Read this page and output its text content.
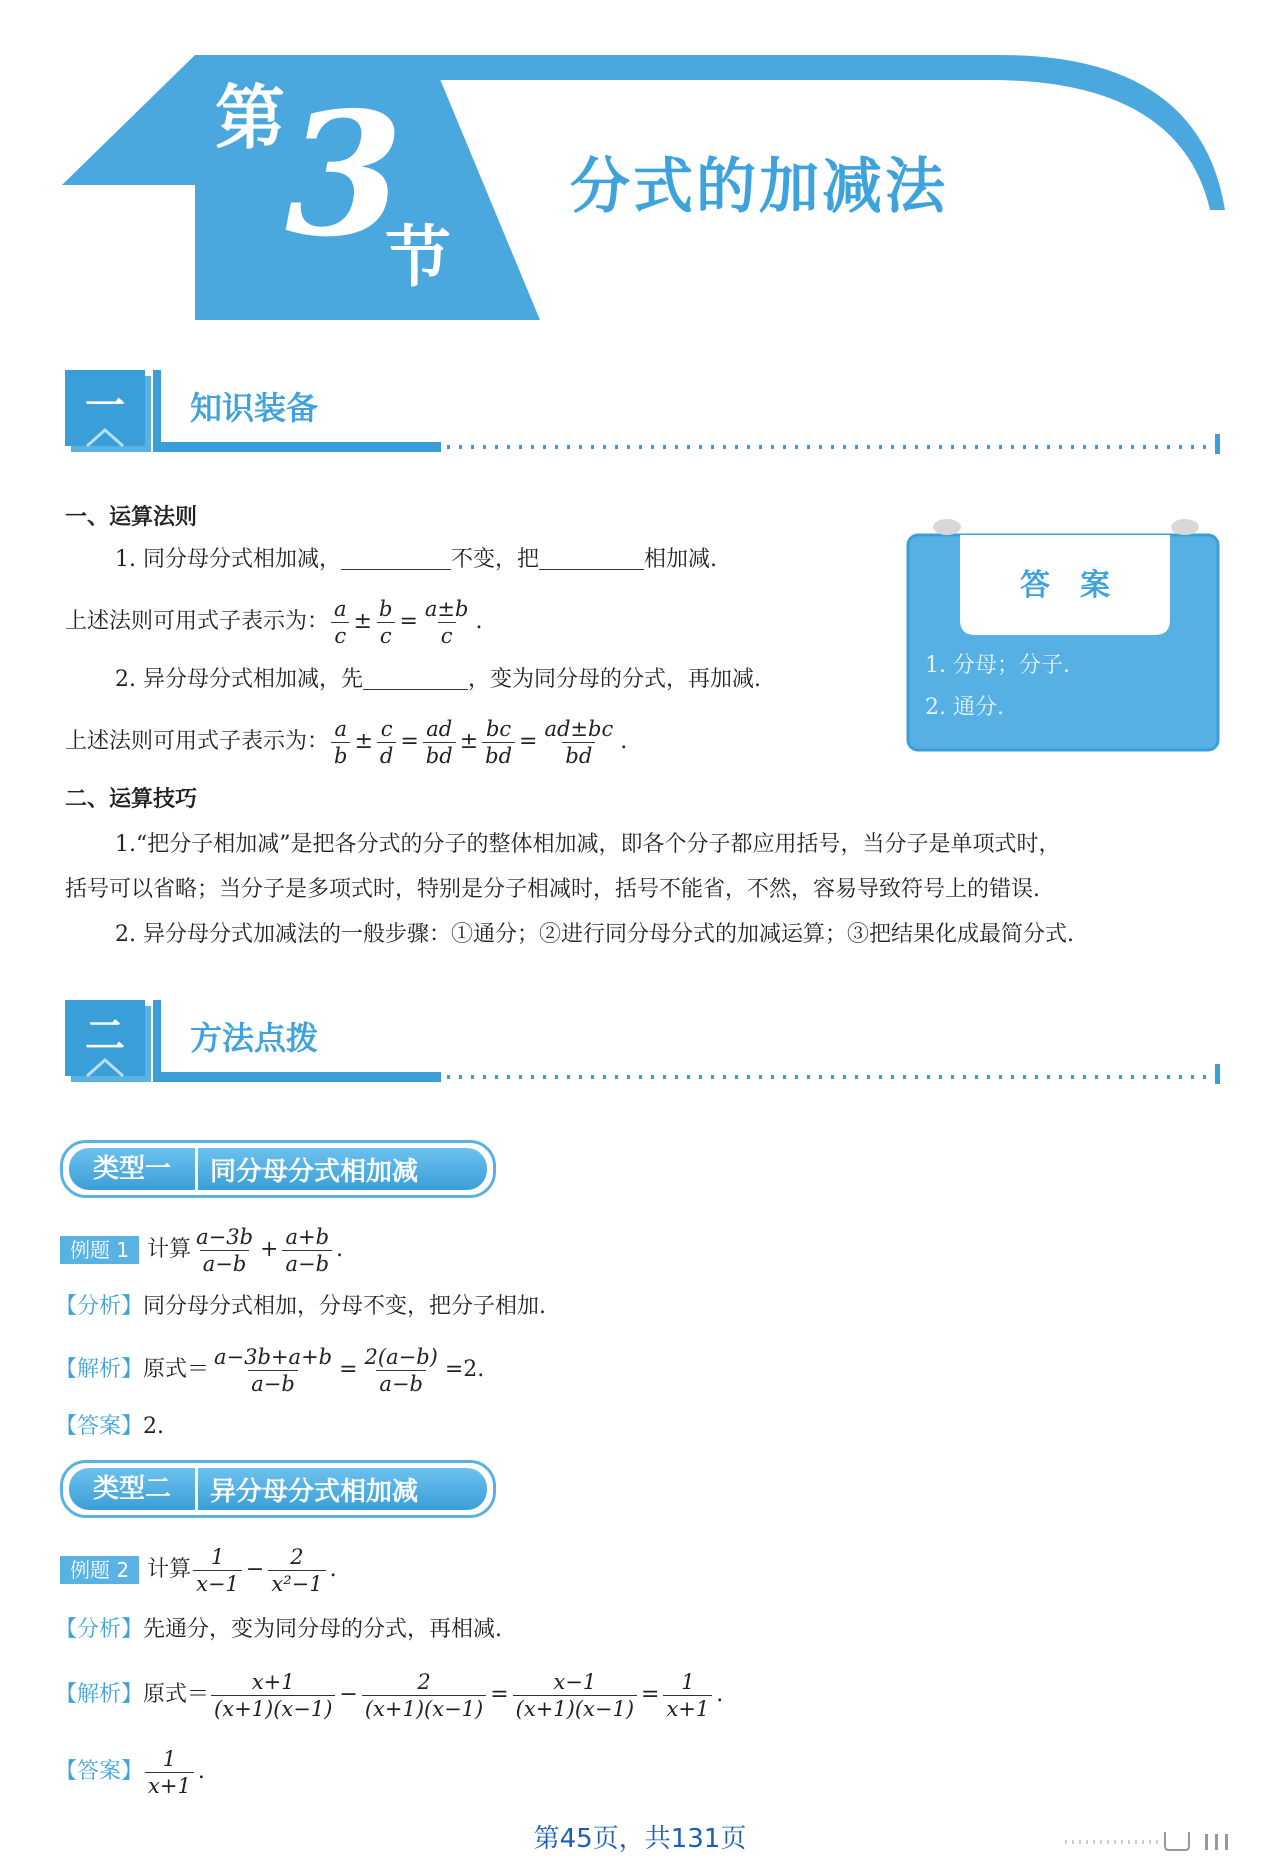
第 3
节
分式的加减法
一	知识装备
一、运算法则
1. 同分母分式相加减，	不变，把	相加减.
上述法则可用式子表示为： $\frac{a}{c} \pm \frac{b}{c} = \frac{a\pm b}{c}$ .
2. 异分母分式相加减，先	，变为同分母的分式，再加减.
上述法则可用式子表示为： $\frac{a}{b} \pm \frac{c}{d} = \frac{ad}{bd} \pm \frac{bc}{bd} = \frac{ad\pm bc}{bd}$ .
二、运算技巧
1.“把分子相加减”是把各分式的分子的整体相加减，即各个分子都应用括号，当分子是单项式时，
括号可以省略；当分子是多项式时，特别是分子相减时，括号不能省，不然，容易导致符号上的错误.
2. 异分母分式加减法的一般步骤：①通分；②进行同分母分式的加减运算；③把结果化成最简分式.
答　案
1. 分母；分子.
2. 通分.
二	方法点拨
类型一	同分母分式相加减
例题 1 计算 $\frac{a-3b}{a-b} + \frac{a+b}{a-b}$ .
【分析】同分母分式相加，分母不变，把分子相加.
【解析】 原式＝ $\frac{a-3b+a+b}{a-b} = \frac{2(a-b)}{a-b} =2$.
【答案】2.
类型二	异分母分式相加减
例题 2 计算 $\frac{1}{x-1} - \frac{2}{\text{x²−1}}$ .
【分析】先通分，变为同分母的分式，再相减.
【解析】 原式＝ $\frac{x+1}{(x+1)(x-1)} - \frac{2}{(x+1)(x-1)} = \frac{x-1}{(x+1)(x-1)} = \frac{1}{x+1}$ .
【答案】 $\frac{1}{x+1}$ .
第45页，共131页
